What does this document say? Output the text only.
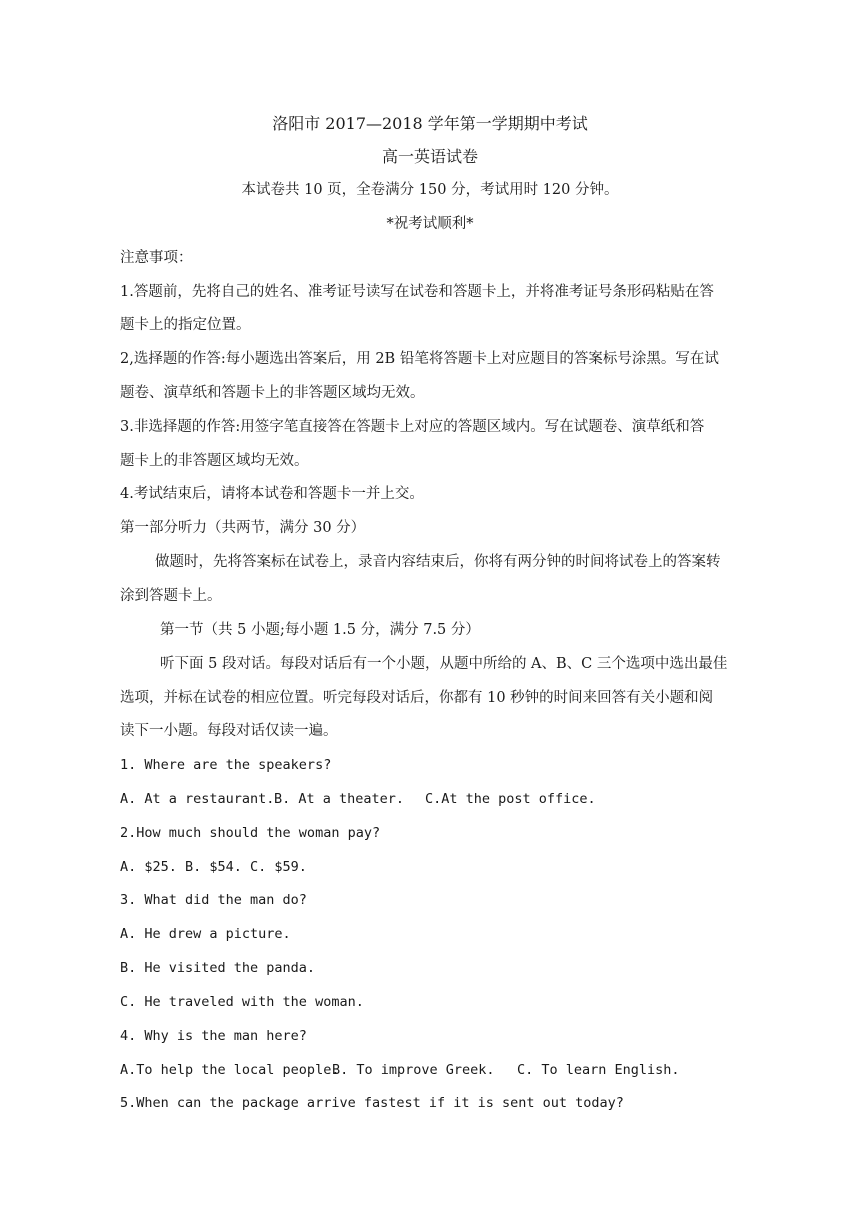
洛阳市 2017—2018 学年第一学期期中考试
高一英语试卷
本试卷共 10 页，全卷满分 150 分，考试用时 120 分钟。
*祝考试顺利*
注意事项：
1.答题前，先将自己的姓名、准考证号读写在试卷和答题卡上，并将准考证号条形码粘贴在答
题卡上的指定位置。
2,选择题的作答:每小题选出答案后，用 2B 铅笔将答题卡上对应题目的答案标号涂黑。写在试
题卷、演草纸和答题卡上的非答题区域均无效。
3.非选择题的作答:用签字笔直接答在答题卡上对应的答题区域内。写在试题卷、演草纸和答
题卡上的非答题区域均无效。
4.考试结束后，请将本试卷和答题卡一并上交。
第一部分听力（共两节，满分 30 分）
做题时，先将答案标在试卷上，录音内容结束后，你将有两分钟的时间将试卷上的答案转
涂到答题卡上。
第一节（共 5 小题;每小题 1.5 分，满分 7.5 分）
听下面 5 段对话。每段对话后有一个小题，从题中所给的 A、B、C 三个选项中选出最佳
选项，并标在试卷的相应位置。听完每段对话后，你都有 10 秒钟的时间来回答有关小题和阅
读下一小题。每段对话仅读一遍。
1. Where are the speakers?
A. At a restaurant. B. At a theater. C.At the post office.
2.How much should the woman pay?
A. $25. B. $54. C. $59.
3. What did the man do?
A. He drew a picture.
B. He visited the panda.
C. He traveled with the woman.
4. Why is the man here?
A.To help the local people.
B. To improve Greek. C. To learn English.
5.When can the package arrive fastest if it is sent out today?
